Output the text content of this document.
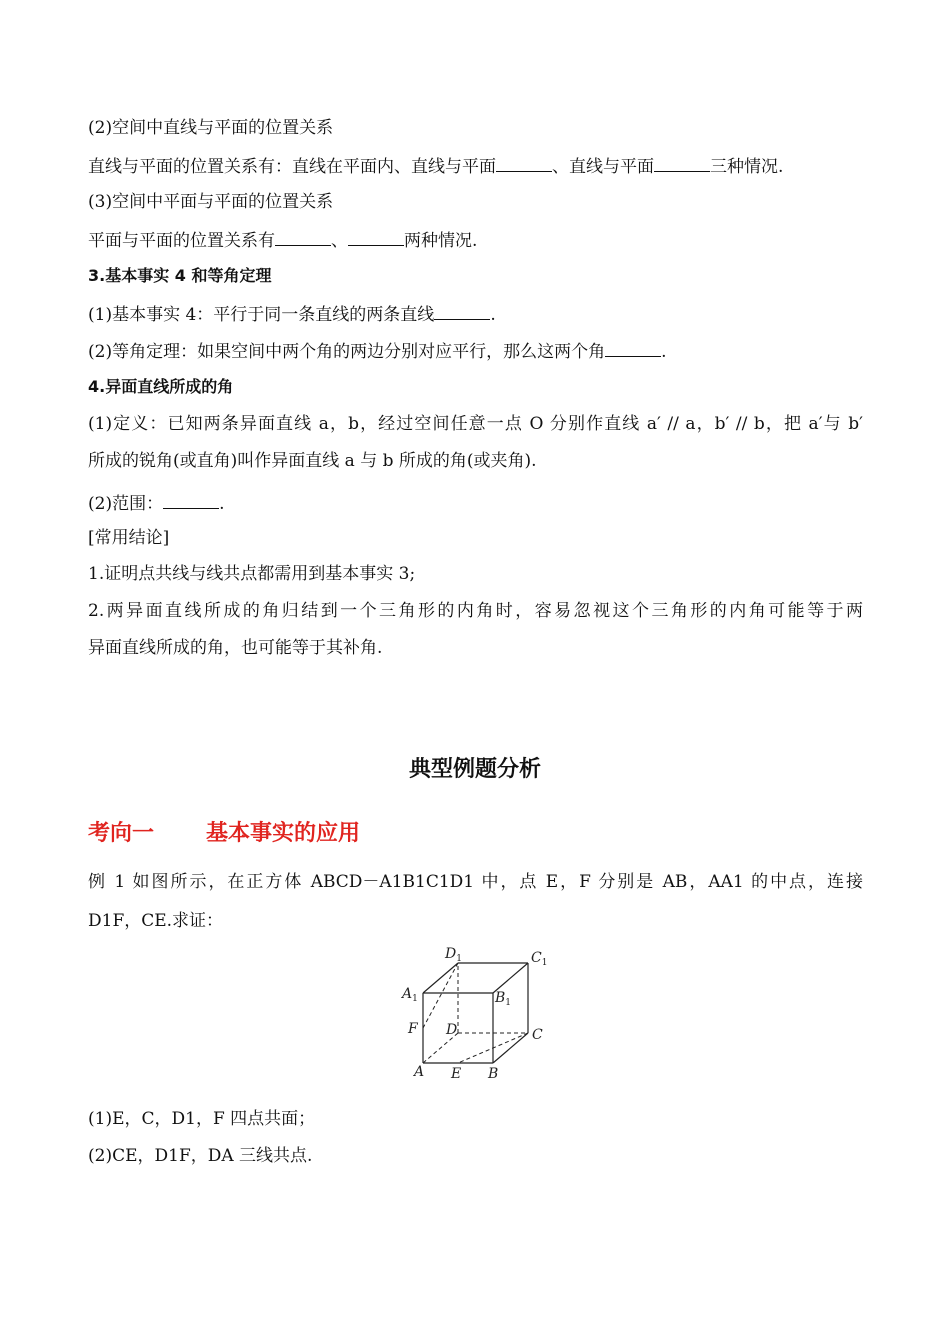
(2)空间中直线与平面的位置关系
直线与平面的位置关系有：直线在平面内、直线与平面	、直线与平面	三种情况.
(3)空间中平面与平面的位置关系
平面与平面的位置关系有	、	两种情况.
3.基本事实 4 和等角定理
(1)基本事实 4：平行于同一条直线的两条直线	.
(2)等角定理：如果空间中两个角的两边分别对应平行，那么这两个角	.
4.异面直线所成的角
(1)定义：已知两条异面直线 a，b，经过空间任意一点 O 分别作直线 a′ // a，b′ // b，把 a′与 b′
所成的锐角(或直角)叫作异面直线 a 与 b 所成的角(或夹角).
(2)范围：	.
[常用结论]
1.证明点共线与线共点都需用到基本事实 3;
2.两异面直线所成的角归结到一个三角形的内角时，容易忽视这个三角形的内角可能等于两
异面直线所成的角，也可能等于其补角.
典型例题分析
考向一 基本事实的应用
例 1 如图所示，在正方体 ABCD－A1B1C1D1 中，点 E，F 分别是 AB，AA1 的中点，连接
D1F，CE.求证：
$D_1$	$C_1$
$A_1$	$B_1$
F D	C
A E B
(1)E，C，D1，F 四点共面；
(2)CE，D1F，DA 三线共点.
